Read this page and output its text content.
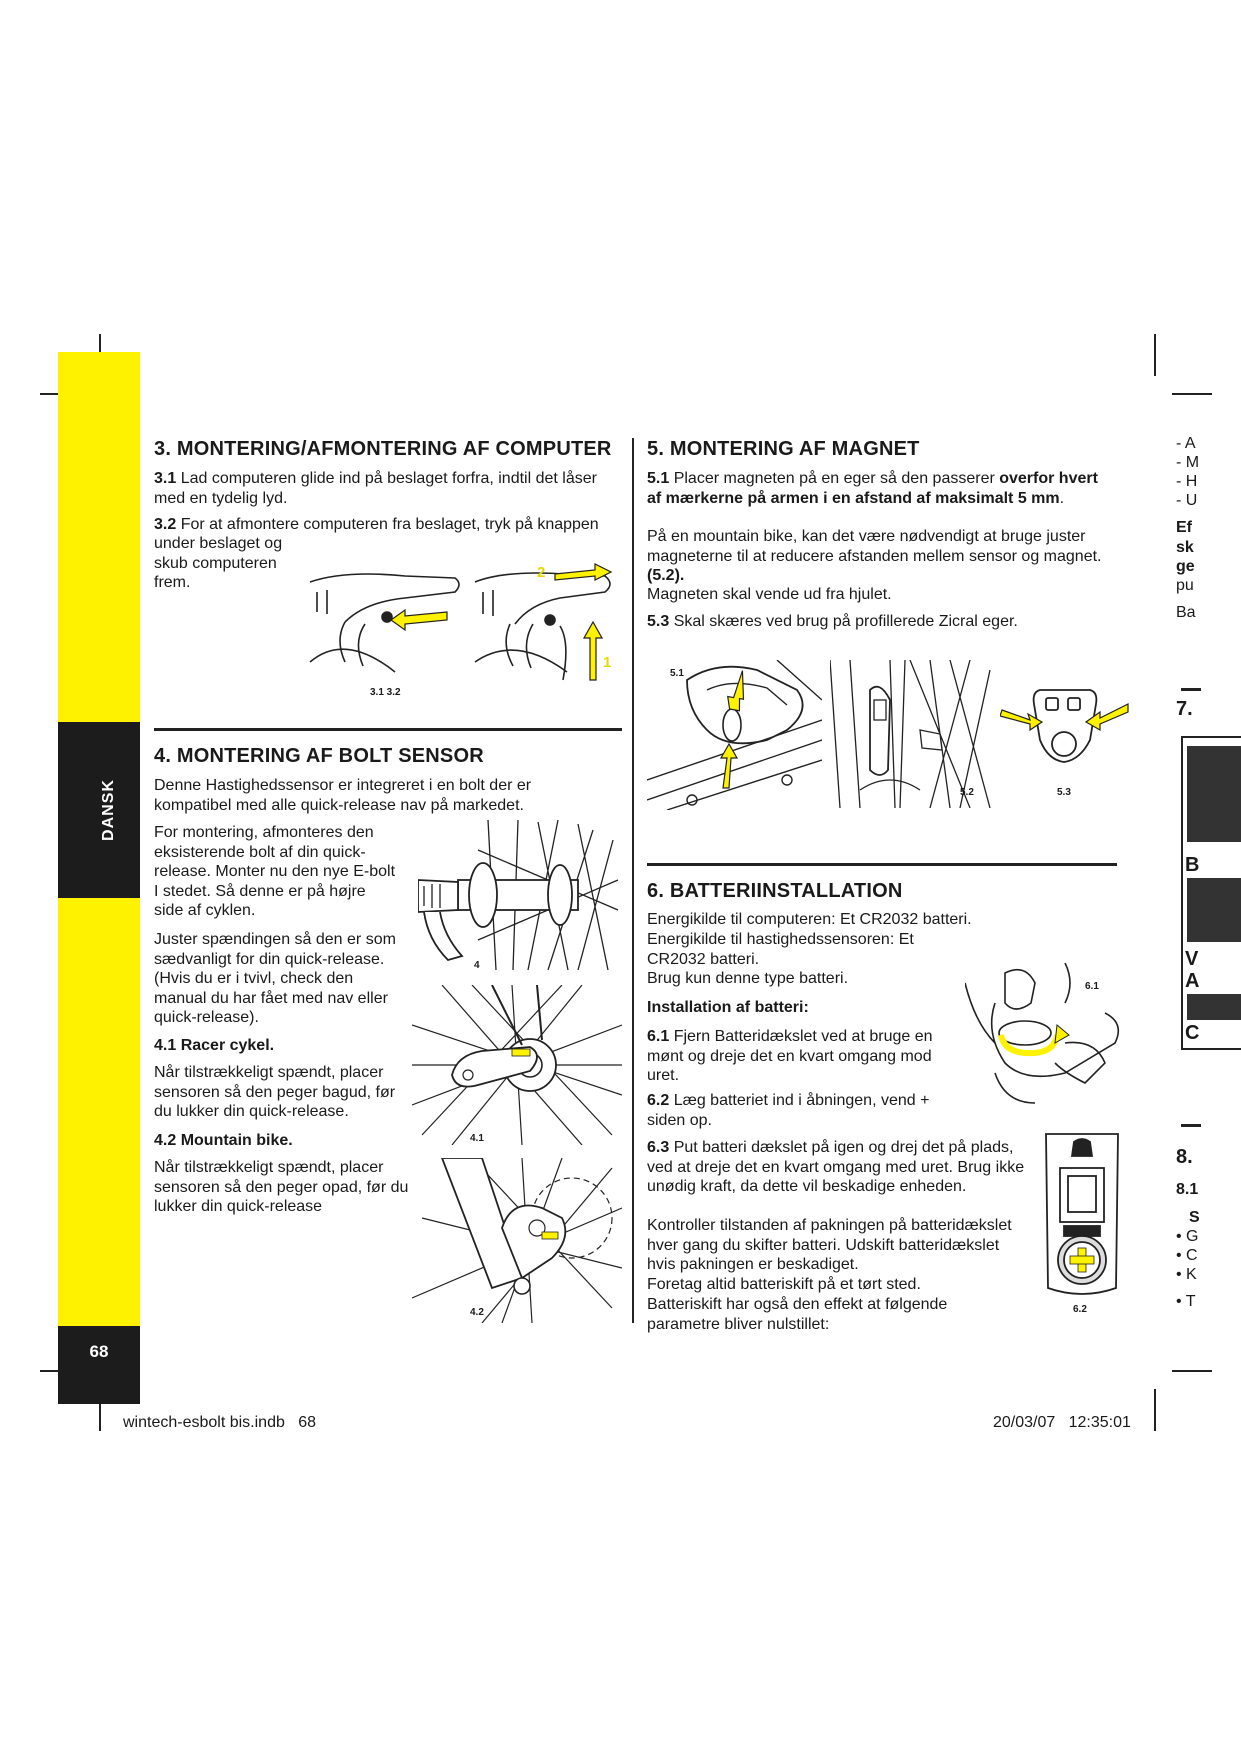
DANSK
68
3. MONTERING/AFMONTERING AF COMPUTER

3.1 Lad computeren glide ind på beslaget forfra, indtil det låser med en tydelig lyd.

3.2 For at afmontere computeren fra beslaget, tryk på knappen

under beslaget og skub computeren frem.

2
1
3.1 3.2
4. MONTERING AF BOLT SENSOR

Denne Hastighedssensor er integreret i en bolt der er kompatibel med alle quick-release nav på markedet.

For montering, afmonteres den eksisterende bolt af din quick-release. Monter nu den nye E-bolt I stedet. Så denne er på højre side af cyklen.

Juster spændingen så den er som sædvanligt for din quick-release. (Hvis du er i tvivl, check den manual du har fået med nav eller quick-release).

4.1 Racer cykel.

Når tilstrækkeligt spændt, placer sensoren så den peger bagud, før du lukker din quick-release.

4.2 Mountain bike.

Når tilstrækkeligt spændt, placer sensoren så den peger opad, før du lukker din quick-release

4
4.1
4.2
5. MONTERING AF MAGNET

5.1 Placer magneten på en eger så den passerer overfor hvert af mærkerne på armen i en afstand af maksimalt 5 mm.

På en mountain bike, kan det være nødvendigt at bruge juster magneterne til at reducere afstanden mellem sensor og magnet. (5.2).

Magneten skal vende ud fra hjulet.

5.3 Skal skæres ved brug på profillerede Zicral eger.

5.1
5.2	5.3
6. BATTERIINSTALLATION

Energikilde til computeren: Et CR2032 batteri.

Energikilde til hastighedssensoren: Et CR2032 batteri.

Brug kun denne type batteri.

Installation af batteri:

6.1 Fjern Batteridækslet ved at bruge en mønt og dreje det en kvart omgang mod uret.

6.2 Læg batteriet ind i åbningen, vend + siden op.

6.3 Put batteri dækslet på igen og drej det på plads, ved at dreje det en kvart omgang med uret. Brug ikke unødig kraft, da dette vil beskadige enheden.

Kontroller tilstanden af pakningen på batteridækslet hver gang du skifter batteri. Udskift batteridækslet hvis pakningen er beskadiget.

Foretag altid batteriskift på et tørt sted.

Batteriskift har også den effekt at følgende parametre bliver nulstillet:

6.1
6.2
- A
- M
- H
- U
Ef
sk
ge
pu
Ba
7.
B
V
A
C
8.
8.1
S
• G
• C
• K
• T
wintech-esbolt bis.indb   68	20/03/07   12:35:01
